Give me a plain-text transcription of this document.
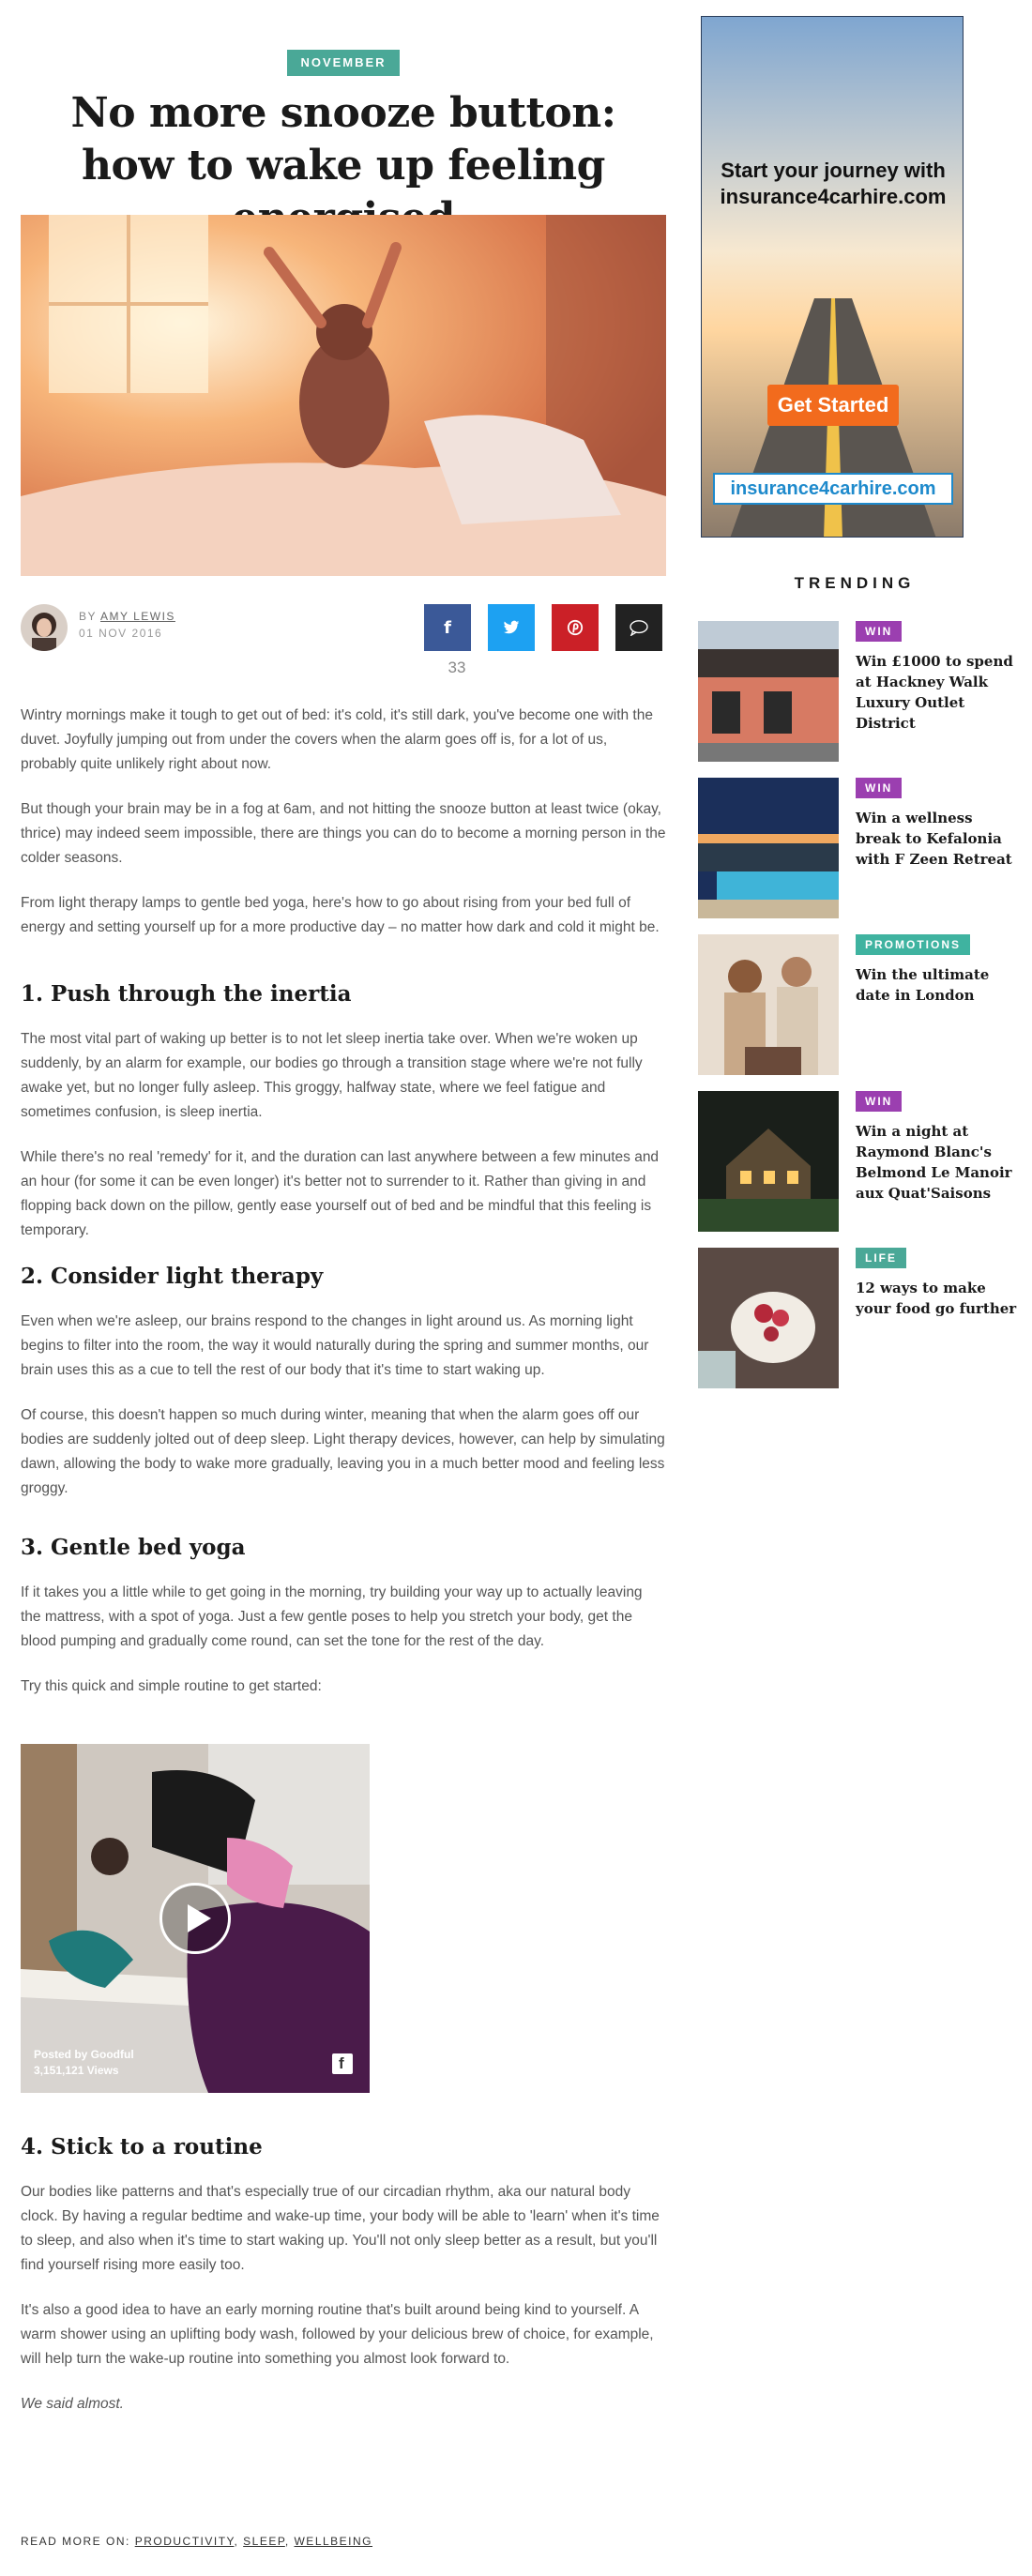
NOVEMBER
No more snooze button: how to wake up feeling
BY AMY LEWIS
01 NOV 2016	f
33

Wintry mornings make it tough to get out of bed: it's cold, it's still dark, you've become one with the duvet. Joyfully jumping out from under the covers when the alarm goes off is, for a lot of us, probably quite unlikely right about now.

But though your brain may be in a fog at 6am, and not hitting the snooze button at least twice (okay, thrice) may indeed seem impossible, there are things you can do to become a morning person in the colder seasons.

From light therapy lamps to gentle bed yoga, here's how to go about rising from your bed full of energy and setting yourself up for a more productive day – no matter how dark and cold it might be.

1. Push through the inertia

The most vital part of waking up better is to not let sleep inertia take over. When we're woken up suddenly, by an alarm for example, our bodies go through a transition stage where we're not fully awake yet, but no longer fully asleep. This groggy, halfway state, where we feel fatigue and sometimes confusion, is sleep inertia.

While there's no real 'remedy' for it, and the duration can last anywhere between a few minutes and an hour (for some it can be even longer) it's better not to surrender to it. Rather than giving in and flopping back down on the pillow, gently ease yourself out of bed and be mindful that this feeling is temporary.

2. Consider light therapy

Even when we're asleep, our brains respond to the changes in light around us. As morning light begins to filter into the room, the way it would naturally during the spring and summer months, our brain uses this as a cue to tell the rest of our body that it's time to start waking up.

Of course, this doesn't happen so much during winter, meaning that when the alarm goes off our bodies are suddenly jolted out of deep sleep. Light therapy devices, however, can help by simulating dawn, allowing the body to wake more gradually, leaving you in a much better mood and feeling less groggy.

3. Gentle bed yoga

If it takes you a little while to get going in the morning, try building your way up to actually leaving the mattress, with a spot of yoga. Just a few gentle poses to help you stretch your body, get the blood pumping and gradually come round, can set the tone for the rest of the day.

Try this quick and simple routine to get started:

Posted by Goodful
3,151,121 Views	f
4. Stick to a routine

Our bodies like patterns and that's especially true of our circadian rhythm, aka our natural body clock. By having a regular bedtime and wake-up time, your body will be able to 'learn' when it's time to sleep, and also when it's time to start waking up. You'll not only sleep better as a result, but you'll find yourself rising more easily too.

It's also a good idea to have an early morning routine that's built around being kind to yourself. A warm shower using an uplifting body wash, followed by your delicious brew of choice, for example, will help turn the wake-up routine into something you almost look forward to.

We said almost.

READ MORE ON: PRODUCTIVITY, SLEEP, WELLBEING
Start your journey with insurance4carhire.com
Get Started
insurance4carhire.com
TRENDING
WIN
Win £1000 to spend at Hackney Walk Luxury Outlet District
WIN
Win a wellness break to Kefalonia with F Zeen Retreat
PROMOTIONS
Win the ultimate date in London
WIN
Win a night at Raymond Blanc's Belmond Le Manoir aux Quat'Saisons
LIFE
12 ways to make your food go further
